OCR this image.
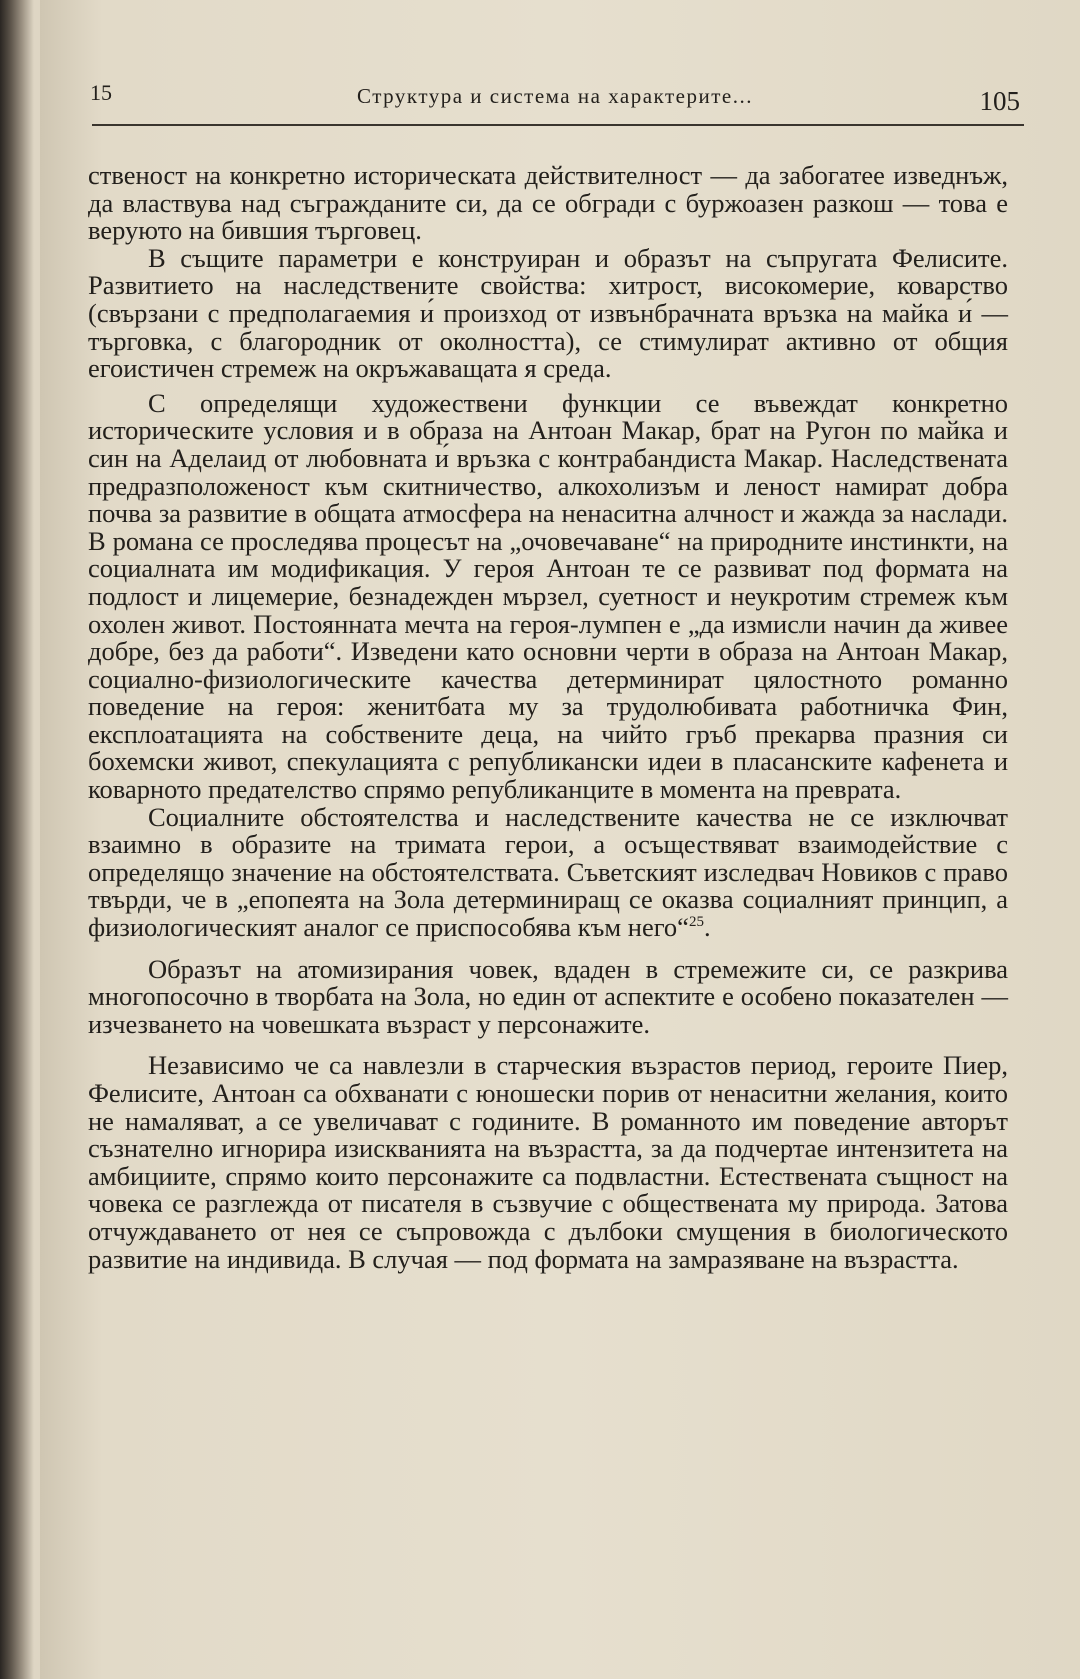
15	Структура и система на характерите...	105

ственост на конкретно историческата действителност — да забогатее изведнъж, да властвува над съгражданите си, да се обгради с буржоазен разкош — това е веруюто на бившия търговец.

В същите параметри е конструиран и образът на съпругата Фелисите. Развитието на наследствените свойства: хитрост, високомерие, коварство (свързани с предполагаемия и́ произход от извънбрачната връзка на майка и́ — търговка, с благородник от околността), се стимулират активно от общия егоистичен стремеж на окръжаващата я среда.

С определящи художествени функции се въвеждат конкретно историческите условия и в образа на Антоан Макар, брат на Ругон по майка и син на Аделаид от любовната и́ връзка с контрабандиста Макар. Наследствената предразположеност към скитничество, алкохолизъм и леност намират добра почва за развитие в общата атмосфера на ненаситна алчност и жажда за наслади. В романа се проследява процесът на „очовечаване“ на природните инстинкти, на социалната им модификация. У героя Антоан те се развиват под формата на подлост и лицемерие, безнадежден мързел, суетност и неукротим стремеж към охолен живот. Постоянната мечта на героя-лумпен е „да измисли начин да живее добре, без да работи“. Изведени като основни черти в образа на Антоан Макар, социално-физиологическите качества детерминират цялостното романно поведение на героя: женитбата му за трудолюбивата работничка Фин, експлоатацията на собствените деца, на чийто гръб прекарва празния си бохемски живот, спекулацията с републикански идеи в пласанските кафенета и коварното предателство спрямо републиканците в момента на преврата.

Социалните обстоятелства и наследствените качества не се изключват взаимно в образите на тримата герои, а осъществяват взаимодействие с определящо значение на обстоятелствата. Съветският изследвач Новиков с право твърди, че в „епопеята на Зола детерминиращ се оказва социалният принцип, а физиологическият аналог се приспособява към него“$^{25}$.

Образът на атомизирания човек, вдаден в стремежите си, се разкрива многопосочно в творбата на Зола, но един от аспектите е особено показателен — изчезването на човешката възраст у персонажите.

Независимо че са навлезли в старческия възрастов период, героите Пиер, Фелисите, Антоан са обхванати с юношески порив от ненаситни желания, които не намаляват, а се увеличават с годините. В романното им поведение авторът съзнателно игнорира изискванията на възрастта, за да подчертае интензитета на амбициите, спрямо които персонажите са подвластни. Естествената същност на човека се разглежда от писателя в съзвучие с обществената му природа. Затова отчуждаването от нея се съпровожда с дълбоки смущения в биологическото развитие на индивида. В случая — под формата на замразяване на възрастта.
